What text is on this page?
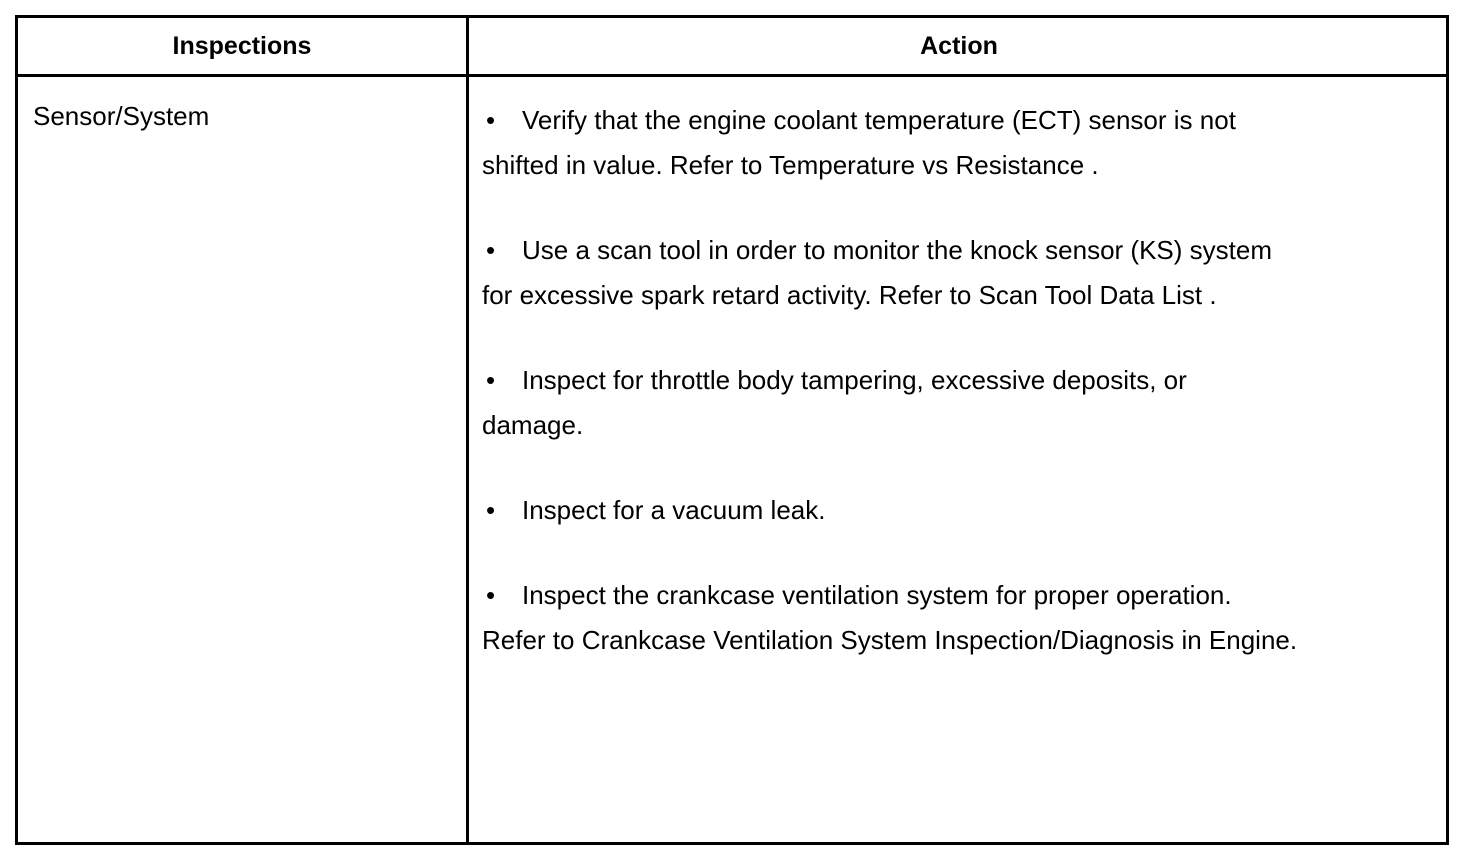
Inspections	Action
Sensor/System	• Verify that the engine coolant temperature (ECT) sensor is not
shifted in value. Refer to Temperature vs Resistance .
• Use a scan tool in order to monitor the knock sensor (KS) system
for excessive spark retard activity. Refer to Scan Tool Data List .
• Inspect for throttle body tampering, excessive deposits, or
damage.
• Inspect for a vacuum leak.
• Inspect the crankcase ventilation system for proper operation.
Refer to Crankcase Ventilation System Inspection/Diagnosis in Engine.
